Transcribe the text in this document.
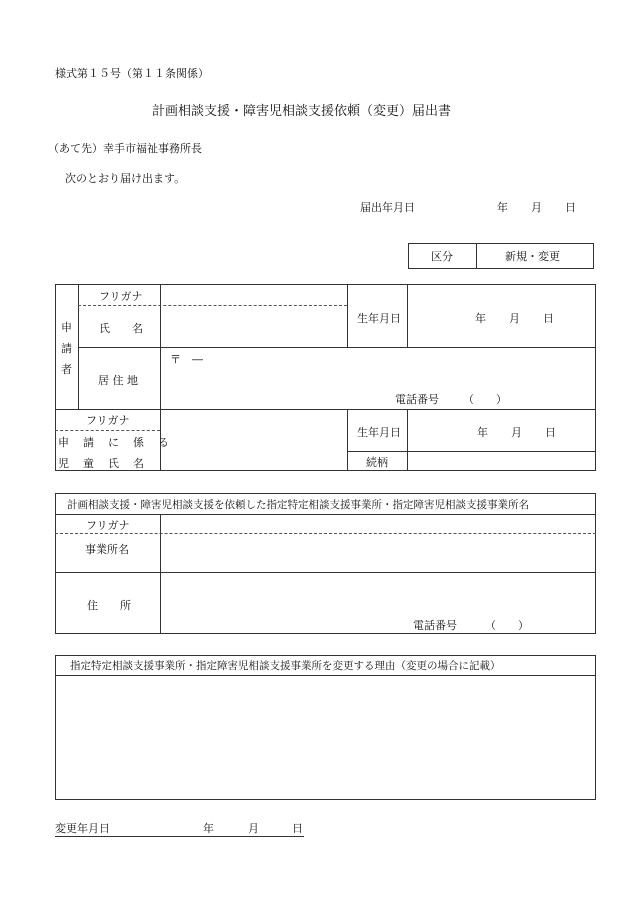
様式第１５号（第１１条関係）
計画相談支援・障害児相談支援依頼（変更）届出書
（あて先）幸手市福祉事務所長
次のとおり届け出ます。
届出年月日	年 月 日
区分	新規・変更
申
請
者
フリガナ
氏　　名
生年月日	年 月 日
居 住 地
〒　―
電話番号 （　　）
フリガナ
申請に係る
児童氏名
生年月日	年 月 日
続柄
計画相談支援・障害児相談支援を依頼した指定特定相談支援事業所・指定障害児相談支援事業所名
フリガナ
事業所名
住　　所
電話番号	（　　）
指定特定相談支援事業所・指定障害児相談支援事業所を変更する理由（変更の場合に記載）
変更年月日	年	月	日
